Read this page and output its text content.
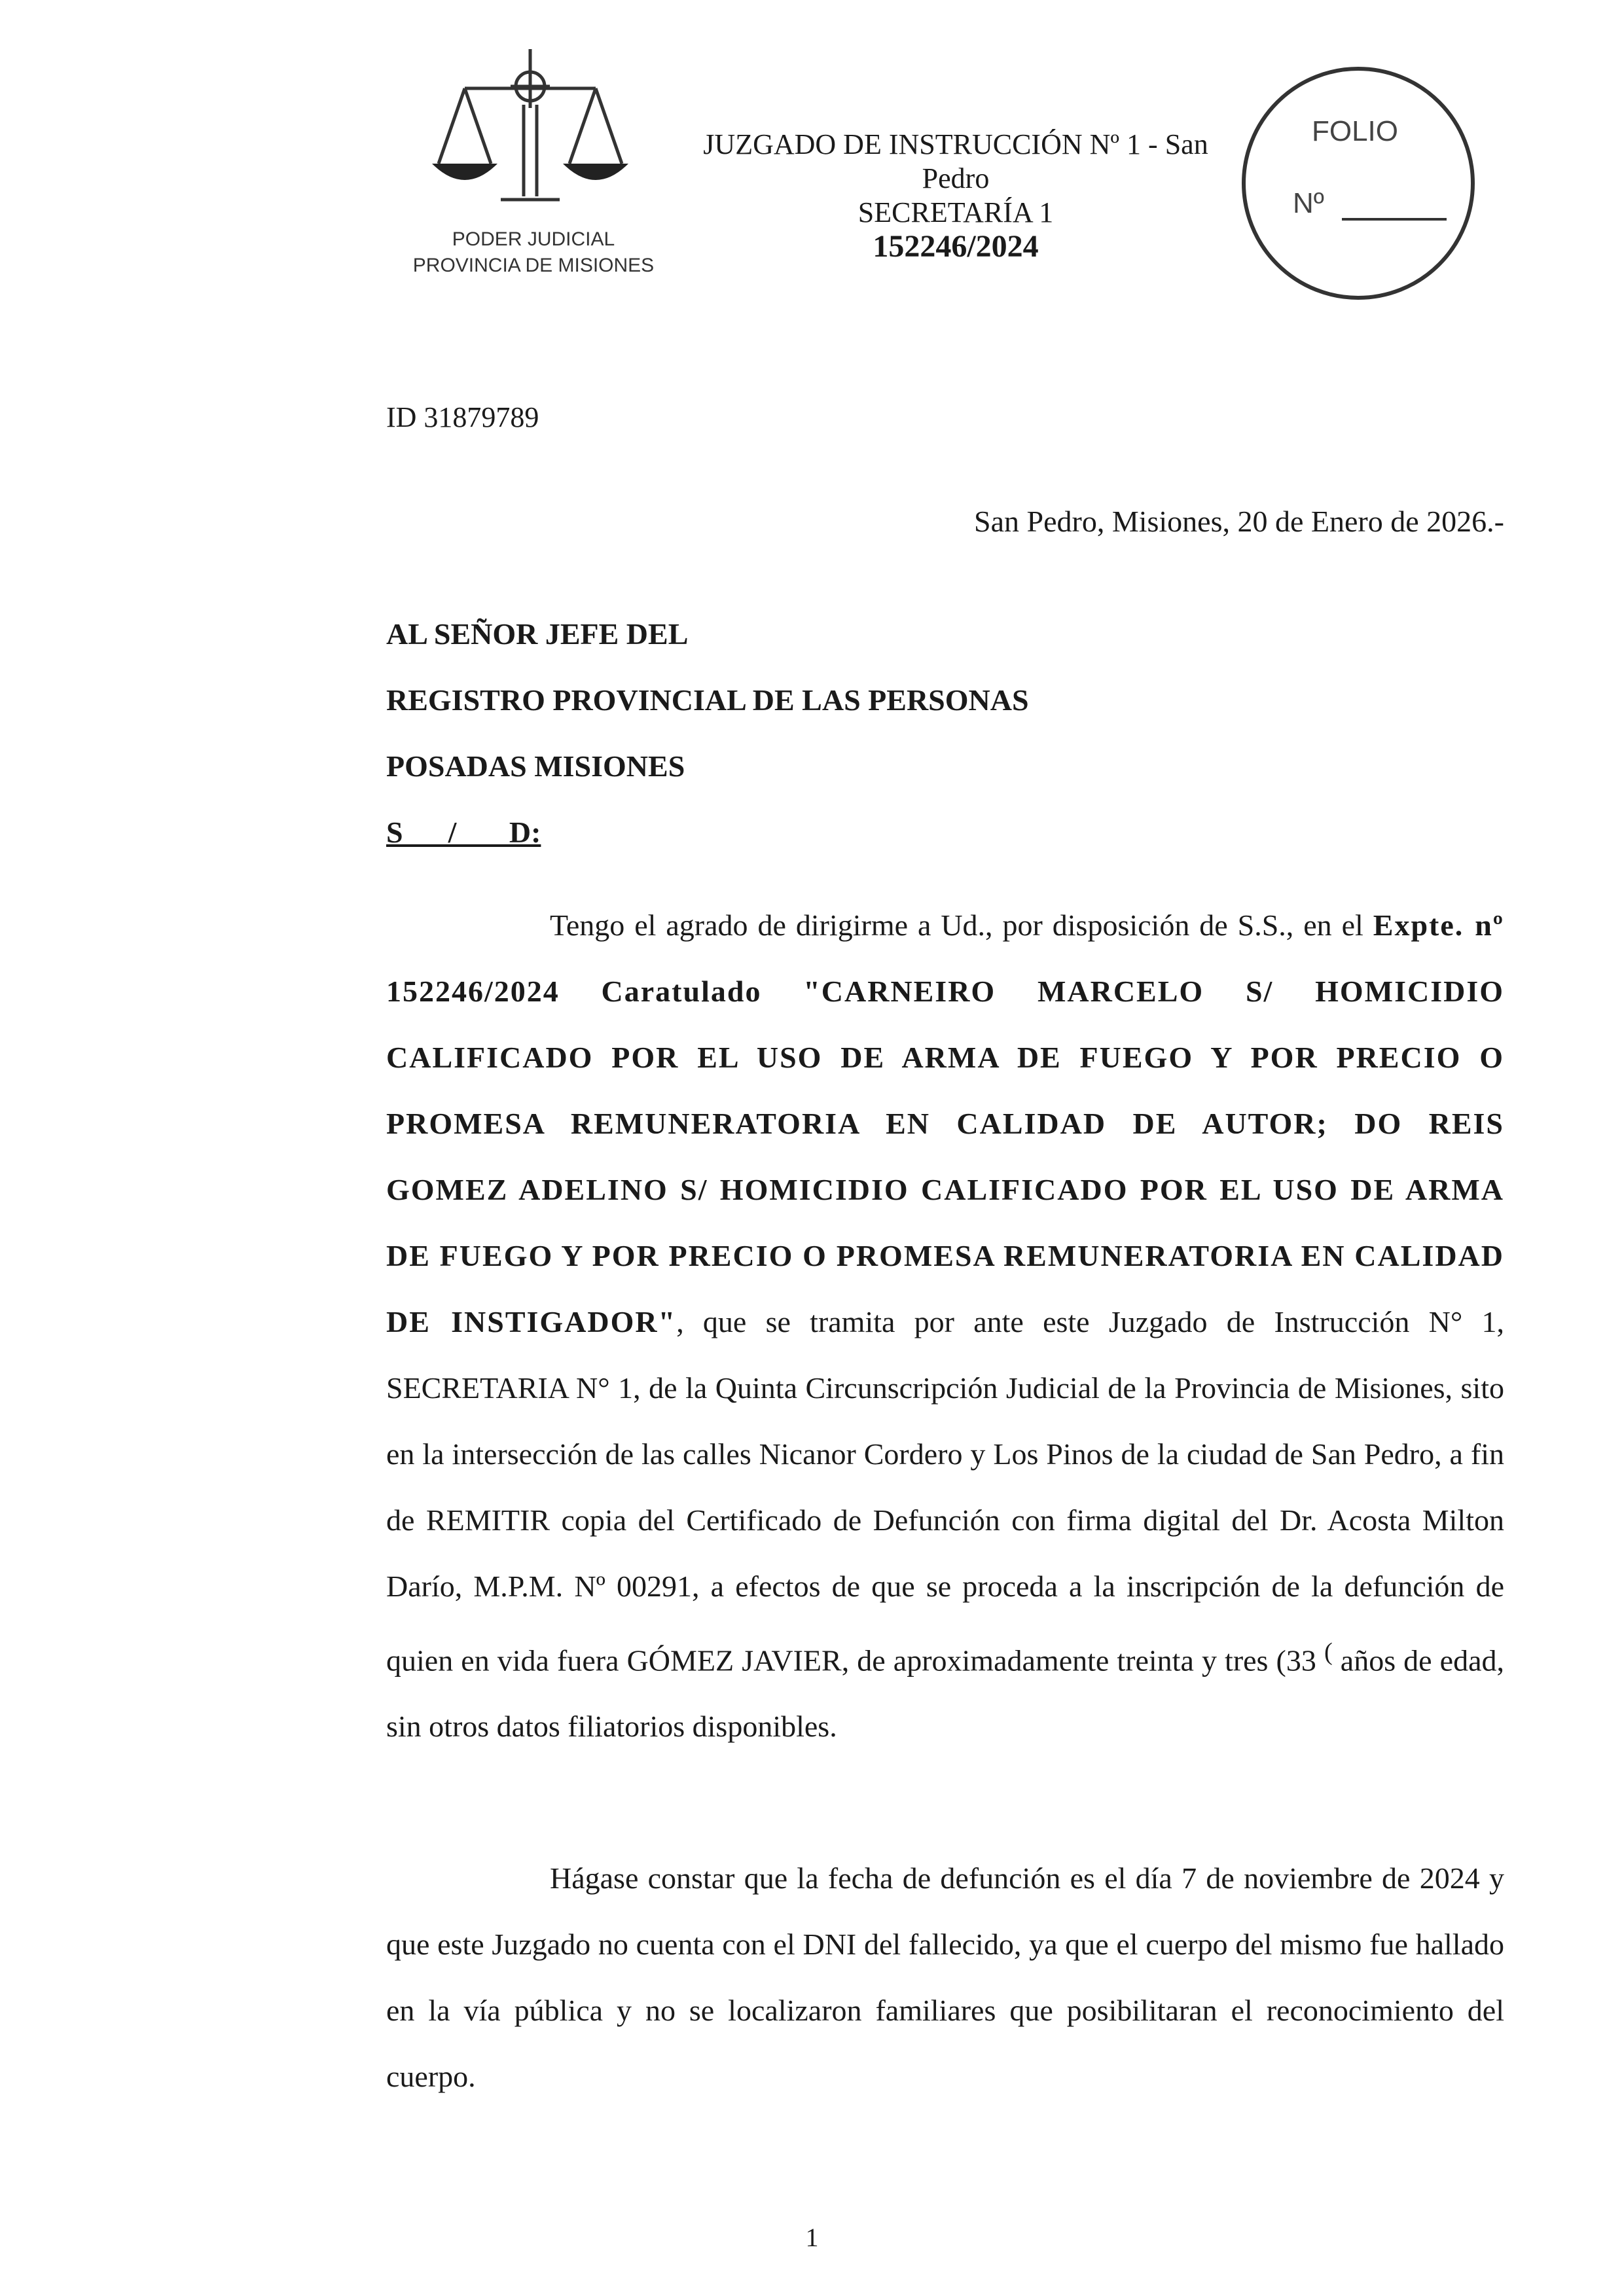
PODER JUDICIAL
PROVINCIA DE MISIONES
JUZGADO DE INSTRUCCIÓN Nº 1 - San Pedro
SECRETARÍA 1
152246/2024
FOLIO
Nº
ID 31879789
San Pedro, Misiones, 20 de Enero de 2026.-
AL SEÑOR JEFE DEL
REGISTRO PROVINCIAL DE LAS PERSONAS
POSADAS MISIONES
S      /       D:
Tengo el agrado de dirigirme a Ud., por disposición de S.S., en el Expte. nº 152246/2024 Caratulado "CARNEIRO MARCELO S/ HOMICIDIO CALIFICADO POR EL USO DE ARMA DE FUEGO Y POR PRECIO O PROMESA REMUNERATORIA EN CALIDAD DE AUTOR; DO REIS GOMEZ ADELINO S/ HOMICIDIO CALIFICADO POR EL USO DE ARMA DE FUEGO Y POR PRECIO O PROMESA REMUNERATORIA EN CALIDAD DE INSTIGADOR", que se tramita por ante este Juzgado de Instrucción N° 1, SECRETARIA N° 1, de la Quinta Circunscripción Judicial de la Provincia de Misiones, sito en la intersección de las calles Nicanor Cordero y Los Pinos de la ciudad de San Pedro, a fin de REMITIR copia del Certificado de Defunción con firma digital del Dr. Acosta Milton Darío, M.P.M. Nº 00291, a efectos de que se proceda a la inscripción de la defunción de quien en vida fuera GÓMEZ JAVIER, de aproximadamente treinta y tres (33 ( años de edad, sin otros datos filiatorios disponibles.
Hágase constar que la fecha de defunción es el día 7 de noviembre de 2024 y que este Juzgado no cuenta con el DNI del fallecido, ya que el cuerpo del mismo fue hallado en la vía pública y no se localizaron familiares que posibilitaran el reconocimiento del cuerpo.
1
